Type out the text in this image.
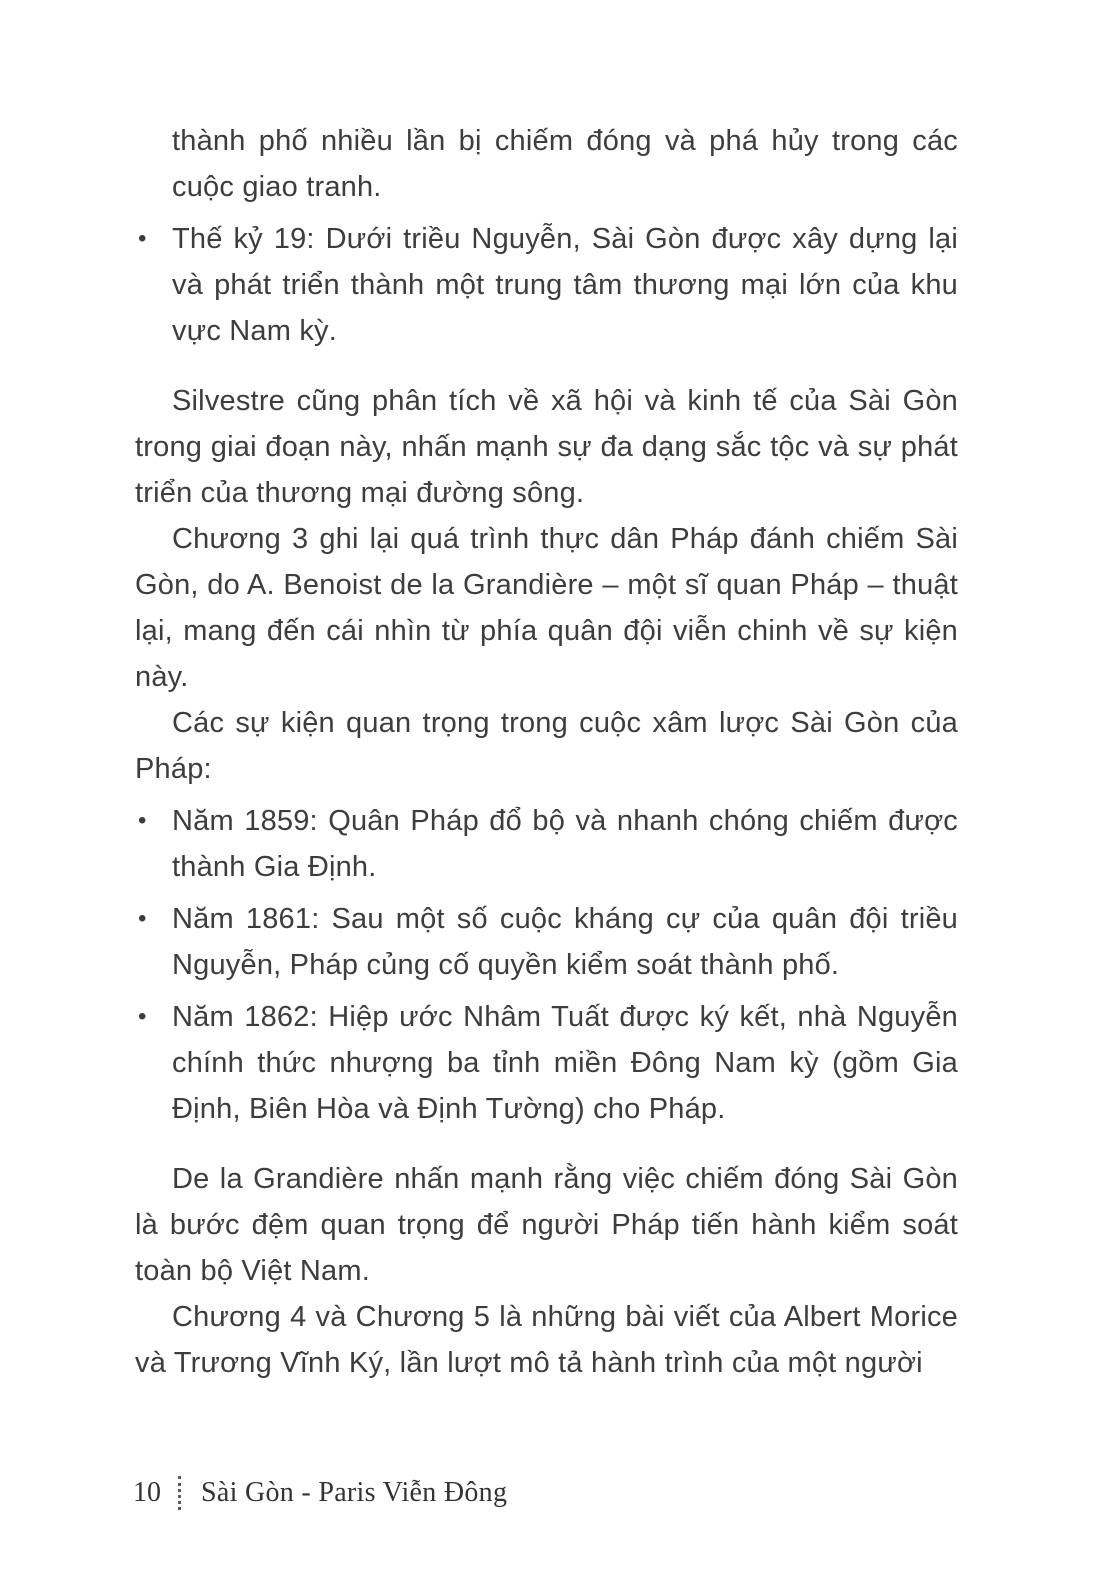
thành phố nhiều lần bị chiếm đóng và phá hủy trong các cuộc giao tranh.
• Thế kỷ 19: Dưới triều Nguyễn, Sài Gòn được xây dựng lại và phát triển thành một trung tâm thương mại lớn của khu vực Nam kỳ.

Silvestre cũng phân tích về xã hội và kinh tế của Sài Gòn trong giai đoạn này, nhấn mạnh sự đa dạng sắc tộc và sự phát triển của thương mại đường sông.

Chương 3 ghi lại quá trình thực dân Pháp đánh chiếm Sài Gòn, do A. Benoist de la Grandière – một sĩ quan Pháp – thuật lại, mang đến cái nhìn từ phía quân đội viễn chinh về sự kiện này.

Các sự kiện quan trọng trong cuộc xâm lược Sài Gòn của Pháp:

• Năm 1859: Quân Pháp đổ bộ và nhanh chóng chiếm được thành Gia Định.
• Năm 1861: Sau một số cuộc kháng cự của quân đội triều Nguyễn, Pháp củng cố quyền kiểm soát thành phố.
• Năm 1862: Hiệp ước Nhâm Tuất được ký kết, nhà Nguyễn chính thức nhượng ba tỉnh miền Đông Nam kỳ (gồm Gia Định, Biên Hòa và Định Tường) cho Pháp.

De la Grandière nhấn mạnh rằng việc chiếm đóng Sài Gòn là bước đệm quan trọng để người Pháp tiến hành kiểm soát toàn bộ Việt Nam.

Chương 4 và Chương 5 là những bài viết của Albert Morice và Trương Vĩnh Ký, lần lượt mô tả hành trình của một người

10 Sài Gòn - Paris Viễn Đông
